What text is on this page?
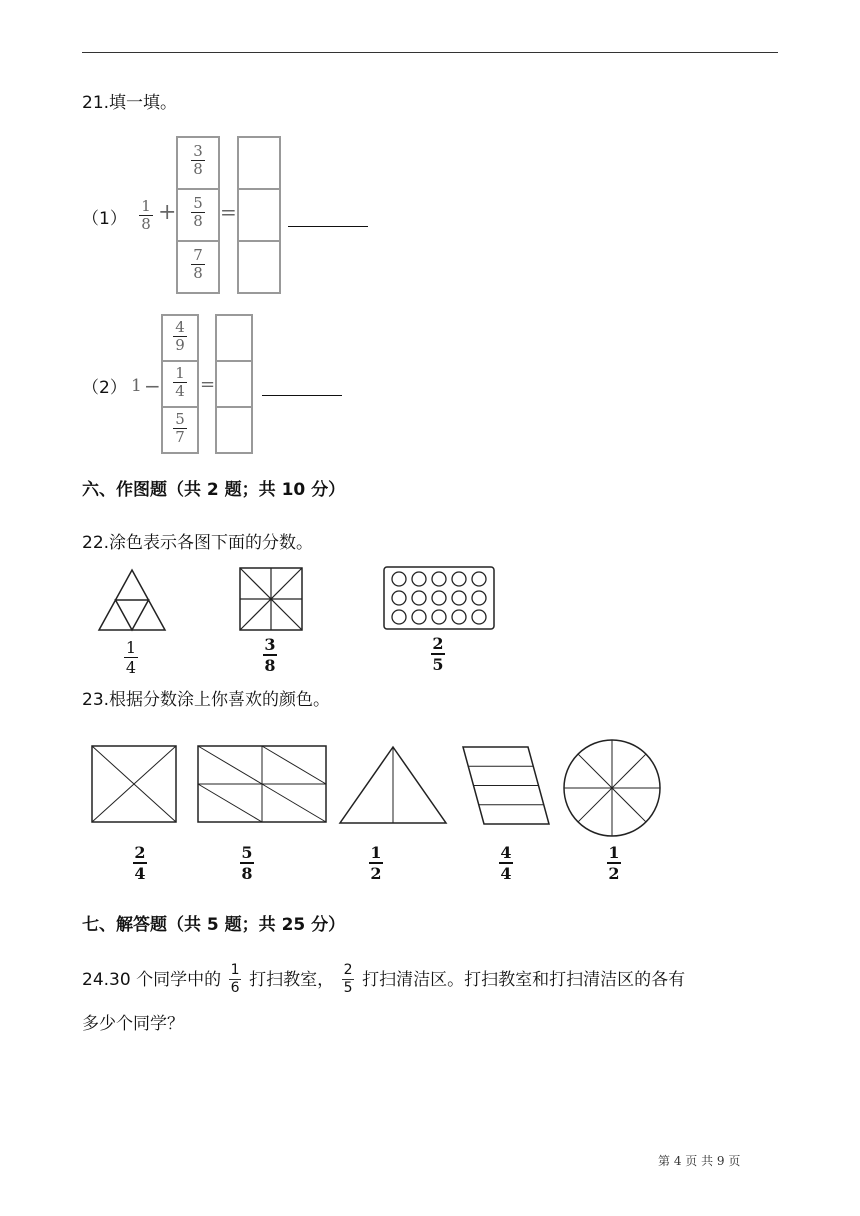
21.填一填。
（1）
1
8 +
3
8
5
8
7
8
=
（2） 1 −
4
9
1
4
5
7
=
六、作图题（共 2 题；共 10 分）
22.涂色表示各图下面的分数。
1
4
3
8
2
5
23.根据分数涂上你喜欢的颜色。
2
4
5
8
1
2
4
4
1
2
七、解答题（共 5 题；共 25 分）
24.30 个同学中的 $\frac{1}{6}$ 打扫教室， $\frac{2}{5}$ 打扫清洁区。打扫教室和打扫清洁区的各有
多少个同学？
第 4 页 共 9 页
